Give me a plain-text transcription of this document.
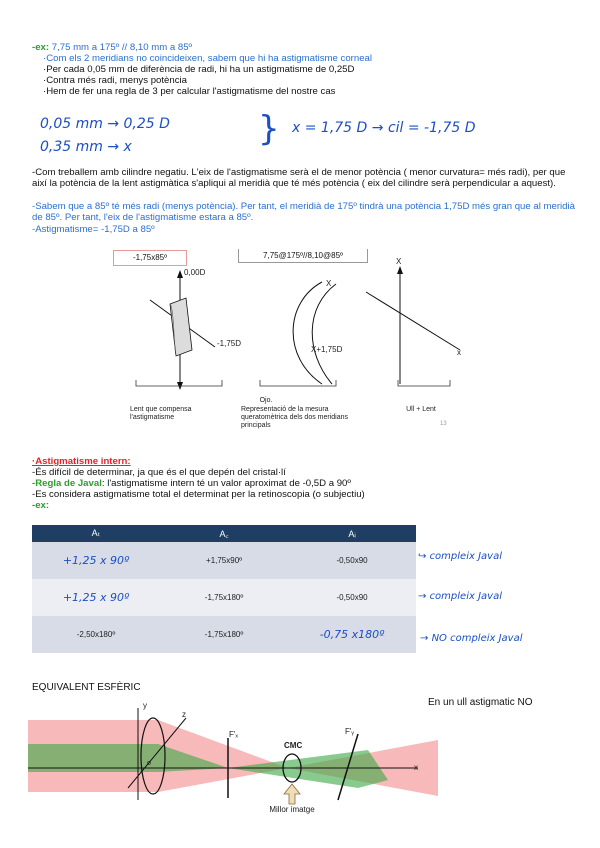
-ex: 7,75 mm a 175º // 8,10 mm a 85º
·Com els 2 meridians no coincideixen, sabem que hi ha astigmatisme corneal
·Per cada 0,05 mm de diferència de radi, hi ha un astigmatisme de 0,25D
·Contra més radi, menys potència
·Hem de fer una regla de 3 per calcular l'astigmatisme del nostre cas
0,05 mm → 0,25 D
0,35 mm → x	} x = 1,75 D → cil = -1,75 D
-Com treballem amb cilindre negatiu. L'eix de l'astigmatisme serà el de menor potència ( menor curvatura= més radi), per que així la potència de la lent astigmàtica s'apliqui al meridià que té més potència ( eix del cilindre serà perpendicular a aquest).
-Sabem que a 85º té més radi (menys potència). Per tant, el meridià de 175º tindrà una potència 1,75D més gran que al meridià de 85º. Per tant, l'eix de l'astigmatisme estara a 85º.
-Astigmatisme= -1,75D a 85º
-1,75x85º	7,75@175º//8,10@85º
0,00D
-1,75D
Lent que compensa l'astigmatisme
X
X+1,75D
Ojo.
Representació de la mesura queratomètrica dels dos meridians principals
X
x
Ull + Lent
13
·Astigmatisme intern:
-És difícil de determinar, ja que és el que depén del cristal·lí
-Regla de Javal: l'astigmatisme intern té un valor aproximat de -0,5D a 90º
-Es considera astigmatisme total el determinat per la retinoscopia (o subjectiu)
-ex:
Aₜ	A꜀	Aᵢ
+1,25 x 90º	+1,75x90º	-0,50x90
+1,25 x 90º	-1,75x180º	-0,50x90
-2,50x180º	-1,75x180º	-0,75 x180º
↪ compleix Javal
→ compleix Javal
→ NO compleix Javal
EQUIVALENT ESFÈRIC
En un ull astigmatic NO
y
z
o
F'ₓ	F'ᵧ
CMC
x
Millor imatge
